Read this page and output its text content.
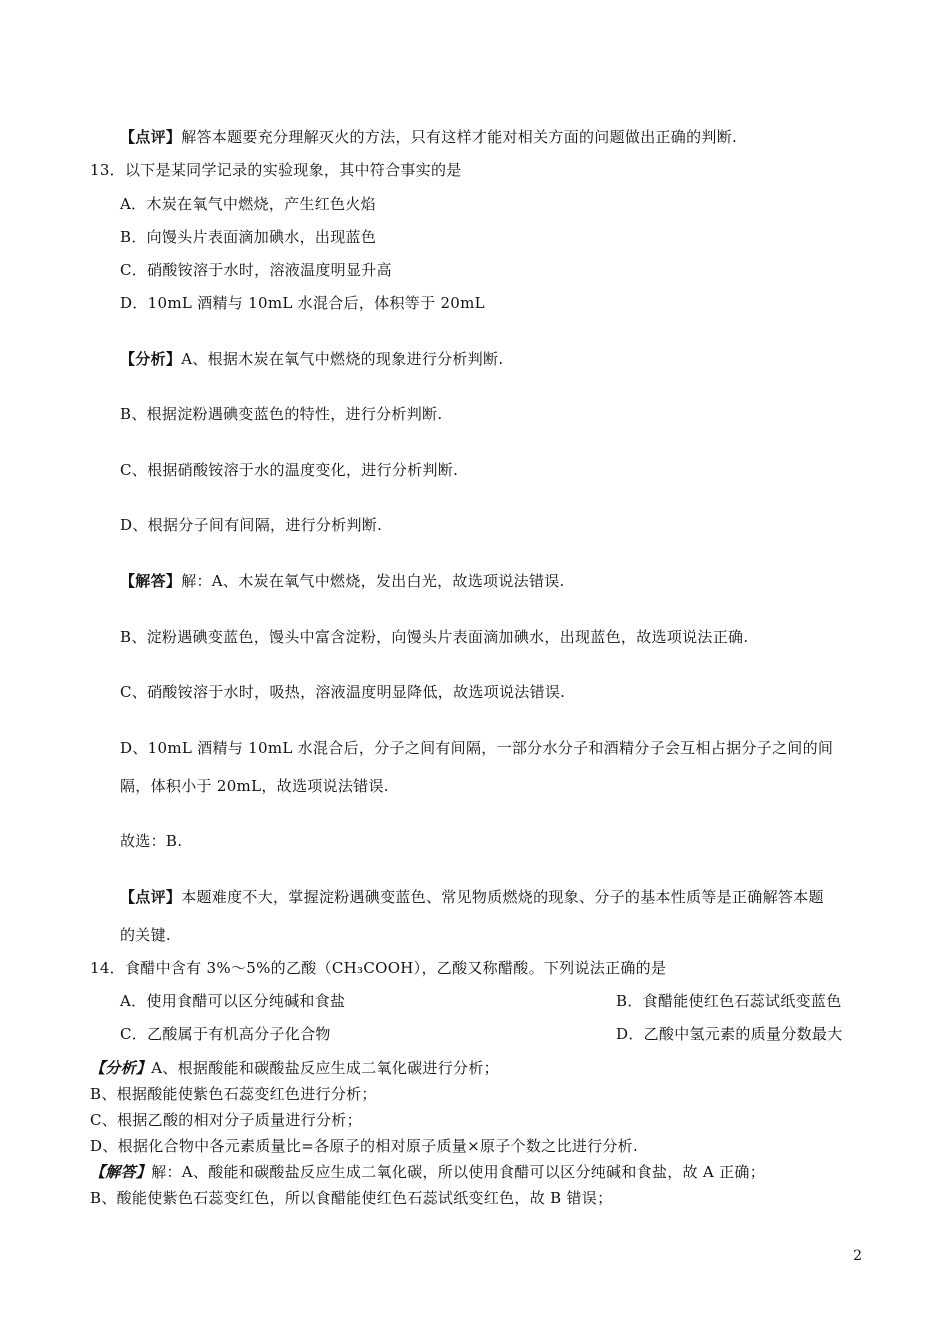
【点评】解答本题要充分理解灭火的方法，只有这样才能对相关方面的问题做出正确的判断.
13．以下是某同学记录的实验现象，其中符合事实的是
A．木炭在氧气中燃烧，产生红色火焰
B．向馒头片表面滴加碘水，出现蓝色
C．硝酸铵溶于水时，溶液温度明显升高
D．10mL 酒精与 10mL 水混合后，体积等于 20mL
【分析】A、根据木炭在氧气中燃烧的现象进行分析判断.
B、根据淀粉遇碘变蓝色的特性，进行分析判断.
C、根据硝酸铵溶于水的温度变化，进行分析判断.
D、根据分子间有间隔，进行分析判断.
【解答】解：A、木炭在氧气中燃烧，发出白光，故选项说法错误.
B、淀粉遇碘变蓝色，馒头中富含淀粉，向馒头片表面滴加碘水，出现蓝色，故选项说法正确.
C、硝酸铵溶于水时，吸热，溶液温度明显降低，故选项说法错误.
D、10mL 酒精与 10mL 水混合后，分子之间有间隔，一部分水分子和酒精分子会互相占据分子之间的间
隔，体积小于 20mL，故选项说法错误.
故选：B.
【点评】本题难度不大，掌握淀粉遇碘变蓝色、常见物质燃烧的现象、分子的基本性质等是正确解答本题
的关键.
14．食醋中含有 3%～5%的乙酸（CH₃COOH），乙酸又称醋酸。下列说法正确的是
A．使用食醋可以区分纯碱和食盐	B．食醋能使红色石蕊试纸变蓝色
C．乙酸属于有机高分子化合物	D．乙酸中氢元素的质量分数最大
【分析】A、根据酸能和碳酸盐反应生成二氧化碳进行分析；
B、根据酸能使紫色石蕊变红色进行分析；
C、根据乙酸的相对分子质量进行分析；
D、根据化合物中各元素质量比=各原子的相对原子质量×原子个数之比进行分析.
【解答】解：A、酸能和碳酸盐反应生成二氧化碳，所以使用食醋可以区分纯碱和食盐，故 A 正确；
B、酸能使紫色石蕊变红色，所以食醋能使红色石蕊试纸变红色，故 B 错误；
2
